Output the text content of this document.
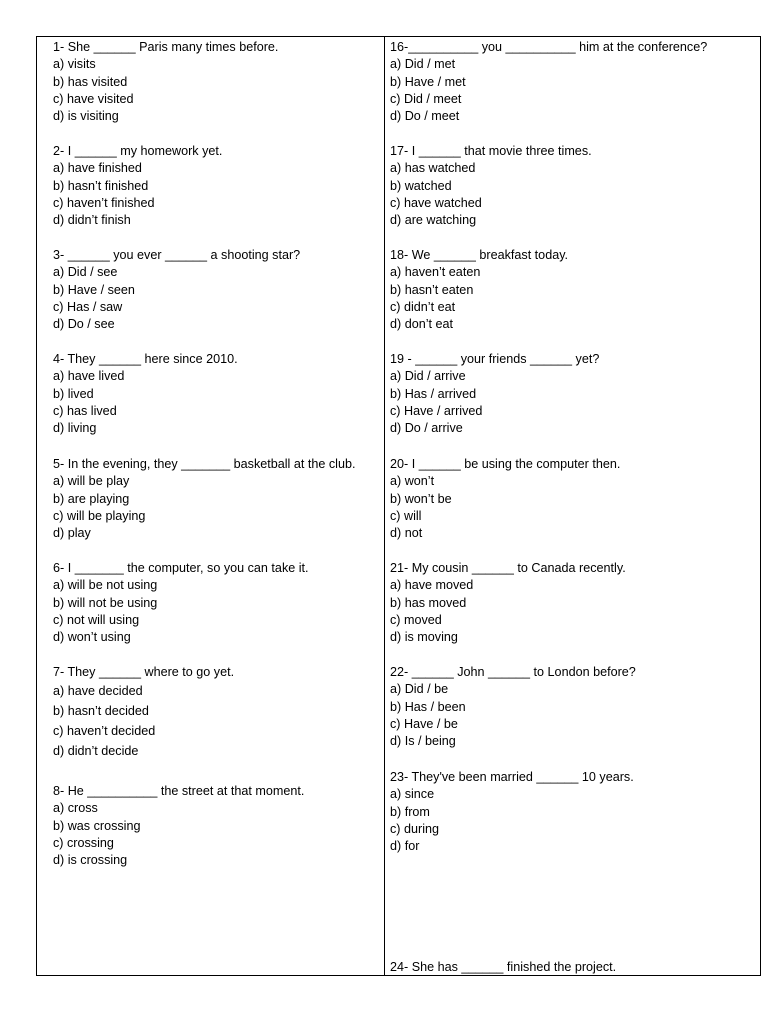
1- She ______ Paris many times before.
a) visits
b) has visited
c) have visited
d) is visiting
2- I ______ my homework yet.
a) have finished
b) hasn’t finished
c) haven’t finished
d) didn’t finish
3- ______ you ever ______ a shooting star?
a) Did / see
b) Have / seen
c) Has / saw
d) Do / see
4- They ______ here since 2010.
a) have lived
b) lived
c) has lived
d) living
5- In the evening, they _______ basketball at the club.
a) will be play
b) are playing
c) will be playing
d) play
6- I _______ the computer, so you can take it.
a) will be not using
b) will not be using
c) not will using
d) won’t using
7- They ______ where to go yet.
a) have decided
b) hasn’t decided
c) haven’t decided
d) didn’t decide
8- He __________ the street at that moment.
a) cross
b) was crossing
c) crossing
d) is crossing
16-__________ you __________ him at the conference?
a) Did / met
b) Have / met
c) Did / meet
d) Do / meet
17- I ______ that movie three times.
a) has watched
b) watched
c) have watched
d) are watching
18- We ______ breakfast today.
a) haven’t eaten
b) hasn’t eaten
c) didn’t eat
d) don’t eat
19 - ______ your friends ______ yet?
a) Did / arrive
b) Has / arrived
c) Have / arrived
d) Do / arrive
20- I ______ be using the computer then.
a) won’t
b) won’t be
c) will
d) not
21- My cousin ______ to Canada recently.
a) have moved
b) has moved
c) moved
d) is moving
22- ______ John ______ to London before?
a) Did / be
b) Has / been
c) Have / be
d) Is / being
23- They've been married ______ 10 years.
a) since
b) from
c) during
d) for
24- She has ______ finished the project.
